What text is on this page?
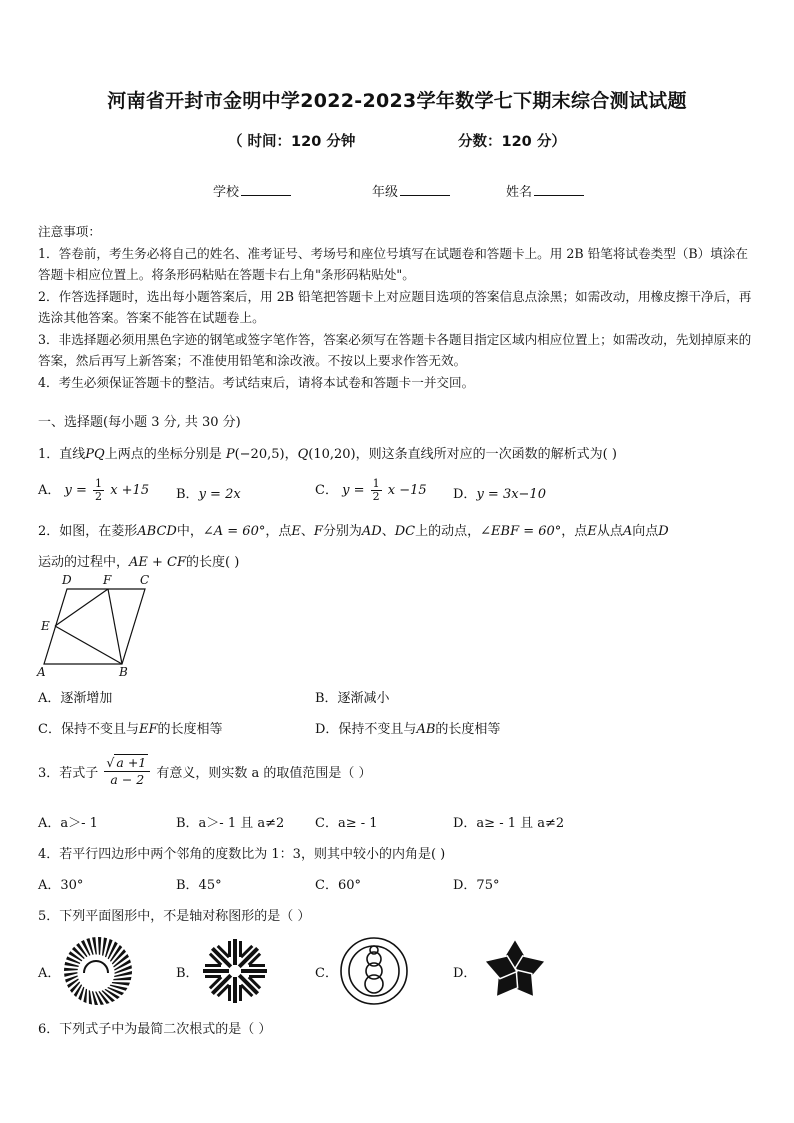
河南省开封市金明中学2022-2023学年数学七下期末综合测试试题
（ 时间：120 分钟	分数：120 分）
学校	年级	姓名
注意事项：
1．答卷前，考生务必将自己的姓名、准考证号、考场号和座位号填写在试题卷和答题卡上。用 2B 铅笔将试卷类型（B）填涂在答题卡相应位置上。将条形码粘贴在答题卡右上角"条形码粘贴处"。
2．作答选择题时，选出每小题答案后，用 2B 铅笔把答题卡上对应题目选项的答案信息点涂黑；如需改动，用橡皮擦干净后，再选涂其他答案。答案不能答在试题卷上。
3．非选择题必须用黑色字迹的钢笔或签字笔作答，答案必须写在答题卡各题目指定区域内相应位置上；如需改动，先划掉原来的答案，然后再写上新答案；不准使用铅笔和涂改液。不按以上要求作答无效。
4．考生必须保证答题卡的整洁。考试结束后，请将本试卷和答题卡一并交回。
一、选择题(每小题 3 分, 共 30 分)
1．直线PQ上两点的坐标分别是 P(−20,5)，Q(10,20)，则这条直线所对应的一次函数的解析式为( )
A． $y = \frac{1}{2}$ x +15 B．y = 2x	C． $y = \frac{1}{2}$ x −15 D．y = 3x−10
2．如图，在菱形ABCD中，∠A = 60°，点E、F分别为AD、DC上的动点，∠EBF = 60°，点E从点A向点D
运动的过程中，AE + CF的长度( )
D	F C
E
A	B
A．逐渐增加	B．逐渐减小
C．保持不变且与EF的长度相等	D．保持不变且与AB的长度相等
3．若式子 $\frac{√ a +1}{a - 2}$ 有意义，则实数 a 的取值范围是（ ）
A．a＞- 1	B．a＞- 1 且 a≠2 C．a≥ - 1	D．a≥ - 1 且 a≠2
4．若平行四边形中两个邻角的度数比为 1：3，则其中较小的内角是( )
A．30°	B．45°	C．60°	D．75°
5．下列平面图形中，不是轴对称图形的是（ ）
A．	B．	C．	D．
6．下列式子中为最简二次根式的是（ ）
